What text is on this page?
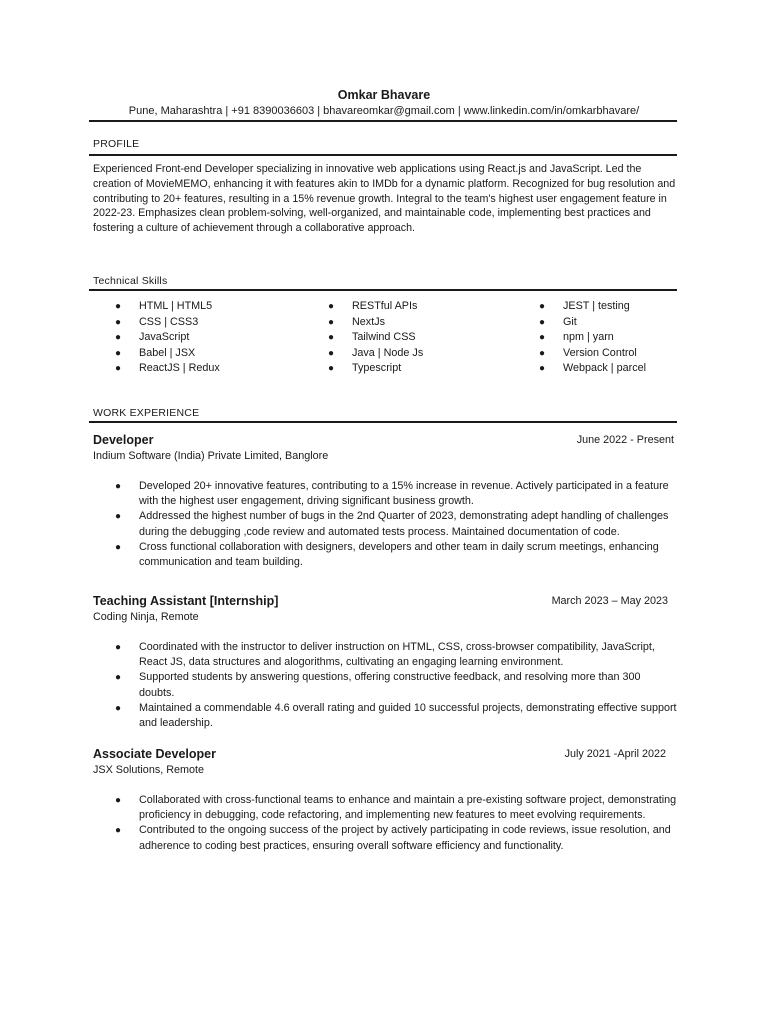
Omkar Bhavare
Pune, Maharashtra | +91 8390036603 | bhavareomkar@gmail.com | www.linkedin.com/in/omkarbhavare/
PROFILE
Experienced Front-end Developer specializing in innovative web applications using React.js and JavaScript. Led the creation of MovieMEMO, enhancing it with features akin to IMDb for a dynamic platform. Recognized for bug resolution and contributing to 20+ features, resulting in a 15% revenue growth. Integral to the team's highest user engagement feature in 2022-23. Emphasizes clean problem-solving, well-organized, and maintainable code, implementing best practices and fostering a culture of achievement through a collaborative approach.
Technical Skills
● HTML | HTML5
● CSS | CSS3
● JavaScript
● Babel | JSX
● ReactJS | Redux
● RESTful APIs
● NextJs
● Tailwind CSS
● Java | Node Js
● Typescript
● JEST | testing
● Git
● npm | yarn
● Version Control
● Webpack | parcel
WORK EXPERIENCE
Developer	June 2022 - Present
Indium Software (India) Private Limited, Banglore
● Developed 20+ innovative features, contributing to a 15% increase in revenue. Actively participated in a feature with the highest user engagement, driving significant business growth.
● Addressed the highest number of bugs in the 2nd Quarter of 2023, demonstrating adept handling of challenges during the debugging ,code review and automated tests process. Maintained documentation of code.
● Cross functional collaboration with designers, developers and other team in daily scrum meetings, enhancing communication and team building.
Teaching Assistant [Internship]	March 2023 – May 2023
Coding Ninja, Remote
● Coordinated with the instructor to deliver instruction on HTML, CSS, cross-browser compatibility, JavaScript, React JS, data structures and alogorithms, cultivating an engaging learning environment.
● Supported students by answering questions, offering constructive feedback, and resolving more than 300 doubts.
● Maintained a commendable 4.6 overall rating and guided 10 successful projects, demonstrating effective support and leadership.
Associate Developer	July 2021 -April 2022
JSX Solutions, Remote
● Collaborated with cross-functional teams to enhance and maintain a pre-existing software project, demonstrating proficiency in debugging, code refactoring, and implementing new features to meet evolving requirements.
● Contributed to the ongoing success of the project by actively participating in code reviews, issue resolution, and adherence to coding best practices, ensuring overall software efficiency and functionality.
